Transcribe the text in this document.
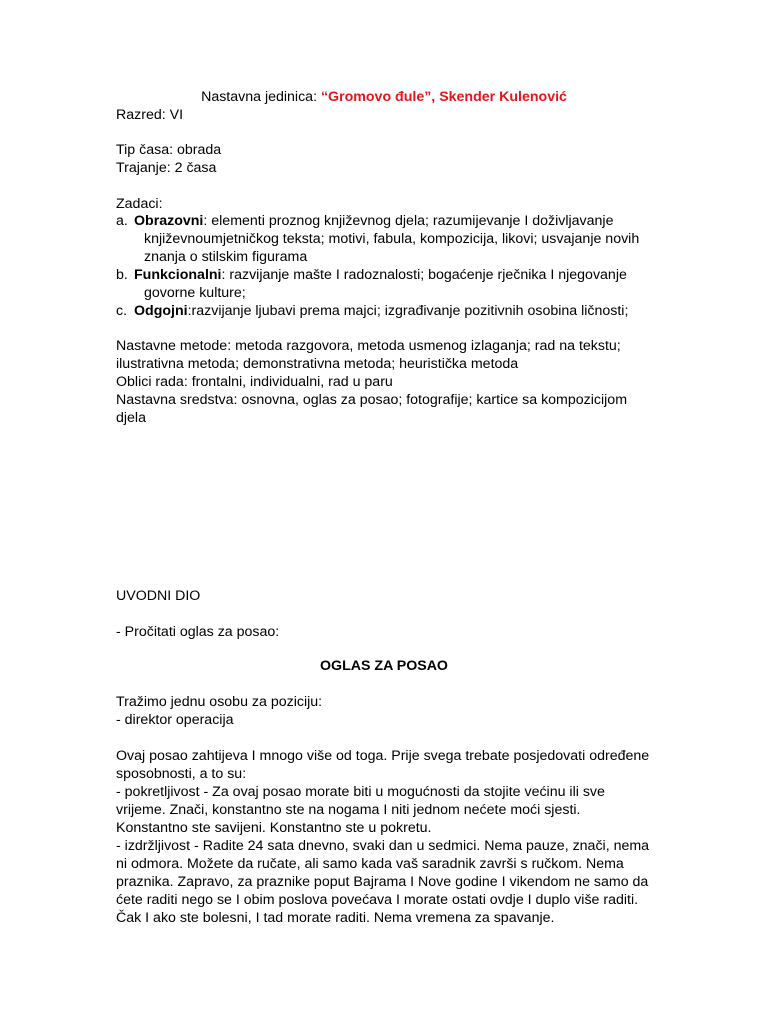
Nastavna jedinica: “Gromovo đule”, Skender Kulenović
Razred: VI
Tip časa: obrada
Trajanje: 2 časa
Zadaci:
a. Obrazovni: elementi proznog književnog djela; razumijevanje I doživljavanje
književnoumjetničkog teksta; motivi, fabula, kompozicija, likovi; usvajanje novih
znanja o stilskim figurama
b. Funkcionalni: razvijanje mašte I radoznalosti; bogaćenje rječnika I njegovanje
govorne kulture;
c. Odgojni:razvijanje ljubavi prema majci; izgrađivanje pozitivnih osobina ličnosti;
Nastavne metode: metoda razgovora, metoda usmenog izlaganja; rad na tekstu;
ilustrativna metoda; demonstrativna metoda; heuristička metoda
Oblici rada: frontalni, individualni, rad u paru
Nastavna sredstva: osnovna, oglas za posao; fotografije; kartice sa kompozicijom
djela
UVODNI DIO
- Pročitati oglas za posao:
OGLAS ZA POSAO
Tražimo jednu osobu za poziciju:
- direktor operacija
Ovaj posao zahtijeva I mnogo više od toga. Prije svega trebate posjedovati određene
sposobnosti, a to su:
- pokretljivost - Za ovaj posao morate biti u mogućnosti da stojite većinu ili sve
vrijeme. Znači, konstantno ste na nogama I niti jednom nećete moći sjesti.
Konstantno ste savijeni. Konstantno ste u pokretu.
- izdržljivost - Radite 24 sata dnevno, svaki dan u sedmici. Nema pauze, znači, nema
ni odmora. Možete da ručate, ali samo kada vaš saradnik završi s ručkom. Nema
praznika. Zapravo, za praznike poput Bajrama I Nove godine I vikendom ne samo da
ćete raditi nego se I obim poslova povećava I morate ostati ovdje I duplo više raditi.
Čak I ako ste bolesni, I tad morate raditi. Nema vremena za spavanje.
